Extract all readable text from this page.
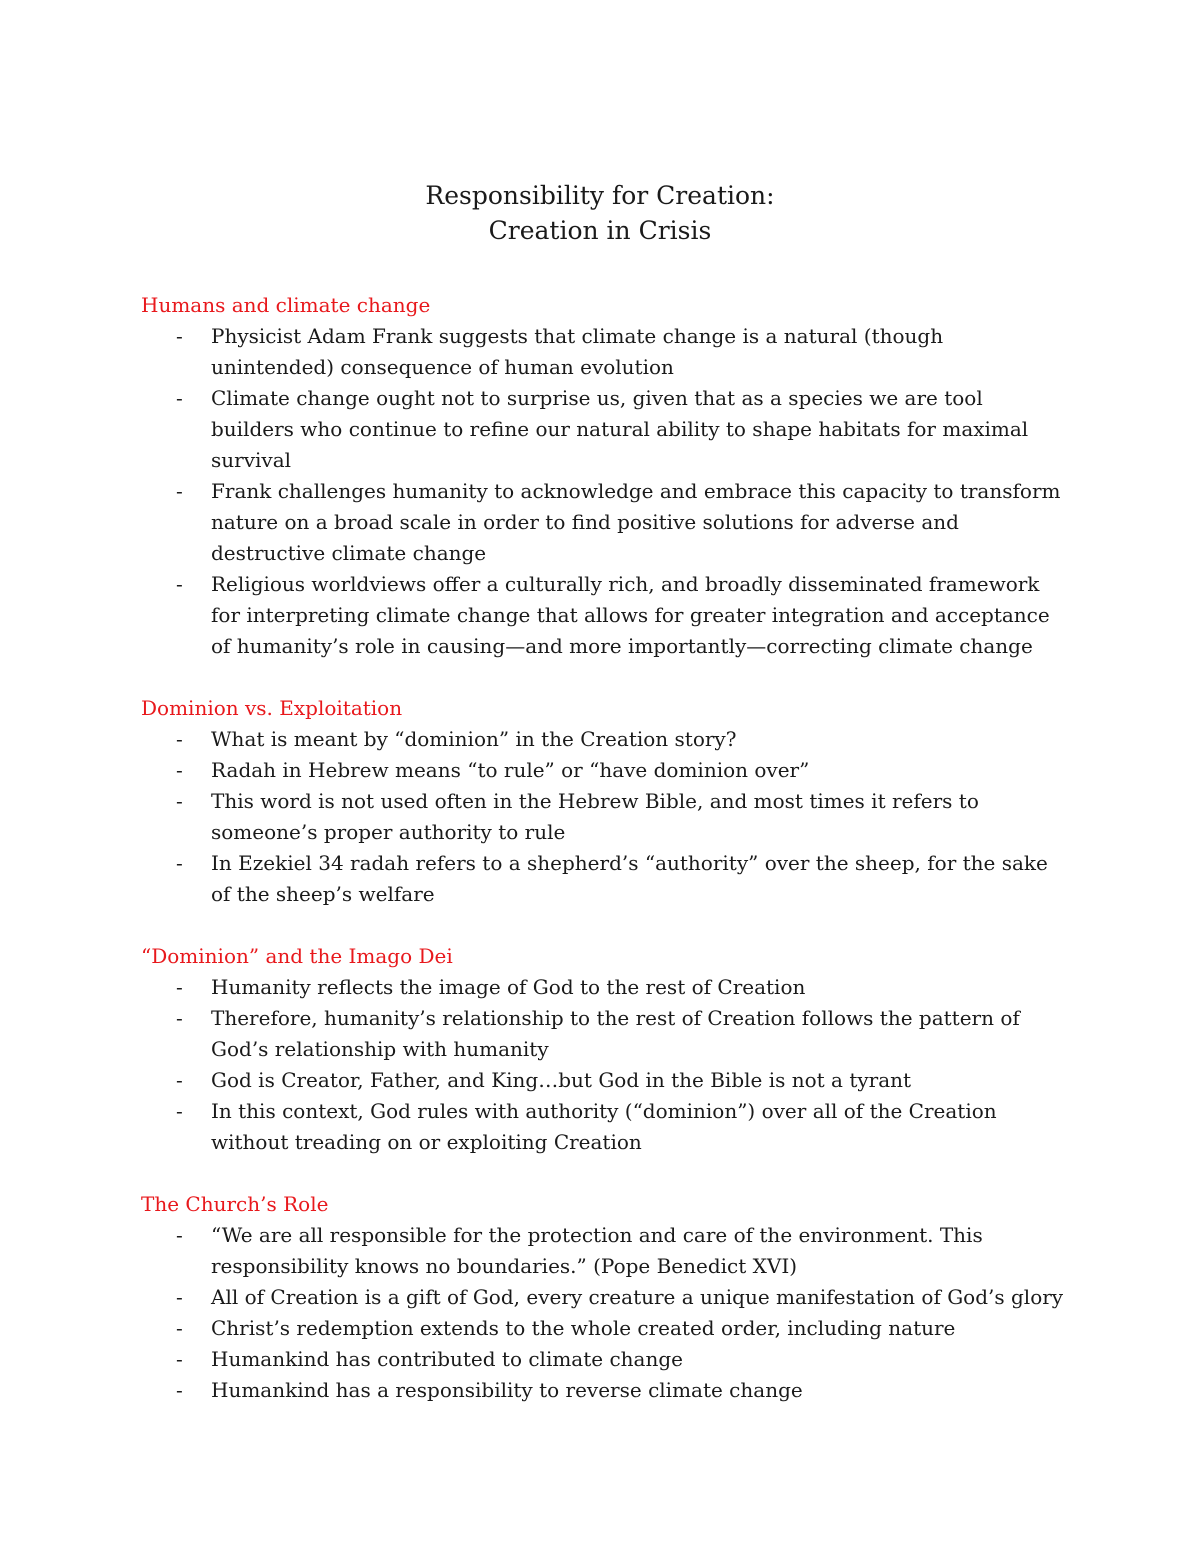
Responsibility for Creation:
Creation in Crisis
Humans and climate change
- Physicist Adam Frank suggests that climate change is a natural (though unintended) consequence of human evolution
- Climate change ought not to surprise us, given that as a species we are tool builders who continue to refine our natural ability to shape habitats for maximal survival
- Frank challenges humanity to acknowledge and embrace this capacity to transform nature on a broad scale in order to find positive solutions for adverse and destructive climate change
- Religious worldviews offer a culturally rich, and broadly disseminated framework for interpreting climate change that allows for greater integration and acceptance of humanity’s role in causing—and more importantly—correcting climate change
Dominion vs. Exploitation
- What is meant by “dominion” in the Creation story?
- Radah in Hebrew means “to rule” or “have dominion over”
- This word is not used often in the Hebrew Bible, and most times it refers to someone’s proper authority to rule
- In Ezekiel 34 radah refers to a shepherd’s “authority” over the sheep, for the sake of the sheep’s welfare
“Dominion” and the Imago Dei
- Humanity reflects the image of God to the rest of Creation
- Therefore, humanity’s relationship to the rest of Creation follows the pattern of God’s relationship with humanity
- God is Creator, Father, and King…but God in the Bible is not a tyrant
- In this context, God rules with authority (“dominion”) over all of the Creation without treading on or exploiting Creation
The Church’s Role
- “We are all responsible for the protection and care of the environment. This responsibility knows no boundaries.” (Pope Benedict XVI)
- All of Creation is a gift of God, every creature a unique manifestation of God’s glory
- Christ’s redemption extends to the whole created order, including nature
- Humankind has contributed to climate change
- Humankind has a responsibility to reverse climate change
